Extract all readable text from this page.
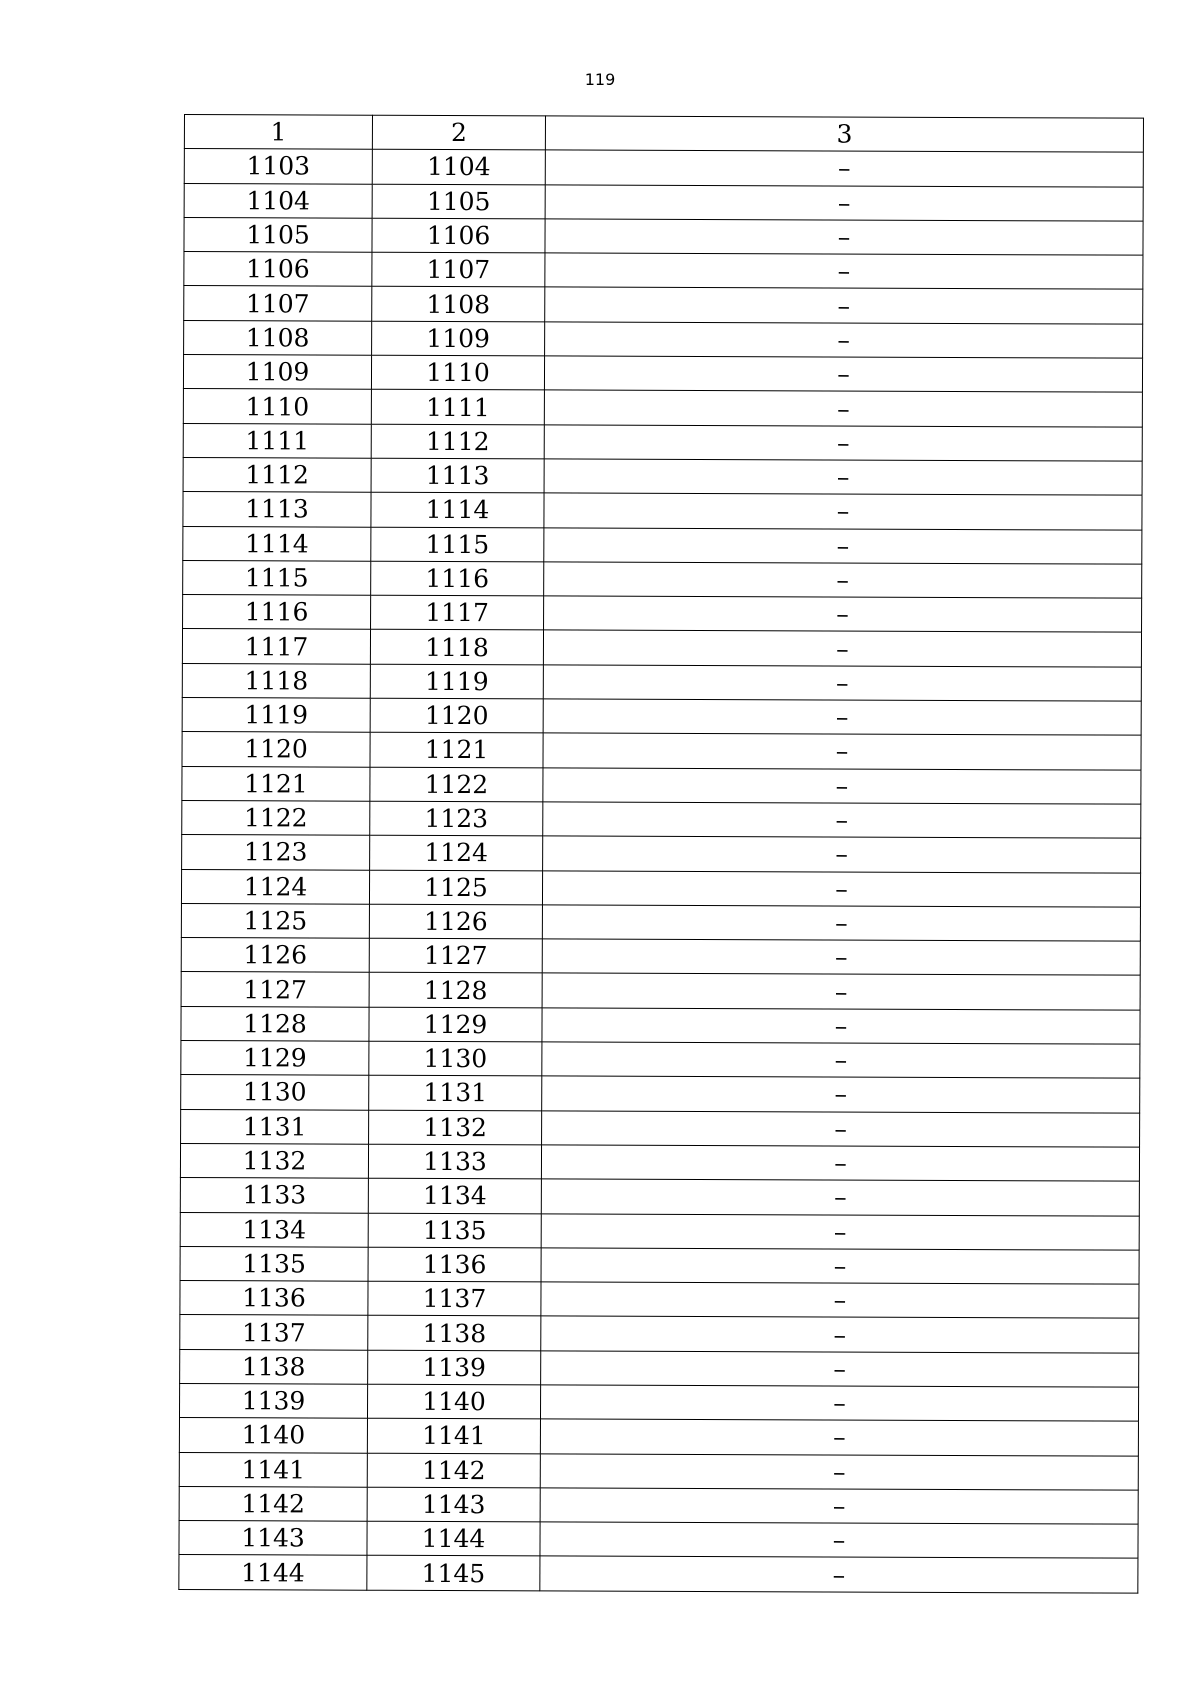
119
1	2	3
1103	1104	–
1104	1105	–
1105	1106	–
1106	1107	–
1107	1108	–
1108	1109	–
1109	1110	–
1110	1111	–
1111	1112	–
1112	1113	–
1113	1114	–
1114	1115	–
1115	1116	–
1116	1117	–
1117	1118	–
1118	1119	–
1119	1120	–
1120	1121	–
1121	1122	–
1122	1123	–
1123	1124	–
1124	1125	–
1125	1126	–
1126	1127	–
1127	1128	–
1128	1129	–
1129	1130	–
1130	1131	–
1131	1132	–
1132	1133	–
1133	1134	–
1134	1135	–
1135	1136	–
1136	1137	–
1137	1138	–
1138	1139	–
1139	1140	–
1140	1141	–
1141	1142	–
1142	1143	–
1143	1144	–
1144	1145	–
